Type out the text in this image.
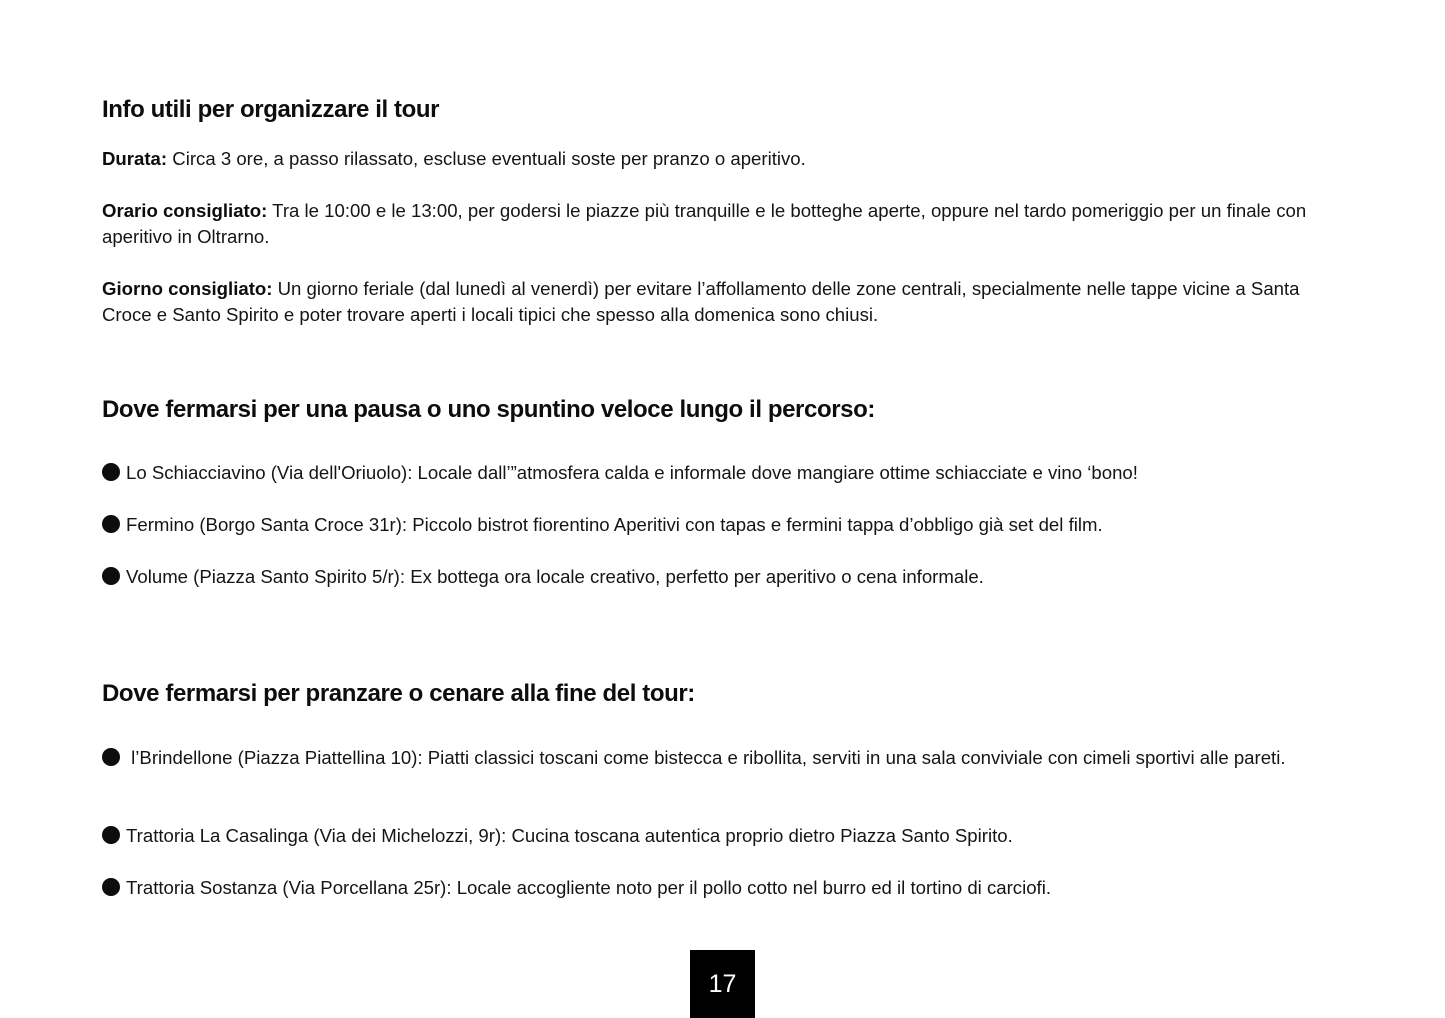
Info utili per organizzare il tour

Durata: Circa 3 ore, a passo rilassato, escluse eventuali soste per pranzo o aperitivo.

Orario consigliato: Tra le 10:00 e le 13:00, per godersi le piazze più tranquille e le botteghe aperte, oppure nel tardo pomeriggio per un finale con aperitivo in Oltrarno.

Giorno consigliato: Un giorno feriale (dal lunedì al venerdì) per evitare l’affollamento delle zone centrali, specialmente nelle tappe vicine a Santa Croce e Santo Spirito e poter trovare aperti i locali tipici che spesso alla domenica sono chiusi.

Dove fermarsi per una pausa o uno spuntino veloce lungo il percorso:

Lo Schiacciavino (Via dell'Oriuolo): Locale dall’”atmosfera calda e informale dove mangiare ottime schiacciate e vino ‘bono!

Fermino (Borgo Santa Croce 31r): Piccolo bistrot fiorentino Aperitivi con tapas e fermini tappa d’obbligo già set del film.

Volume (Piazza Santo Spirito 5/r): Ex bottega ora locale creativo, perfetto per aperitivo o cena informale.

Dove fermarsi per pranzare o cenare alla fine del tour:

l’Brindellone (Piazza Piattellina 10): Piatti classici toscani come bistecca e ribollita, serviti in una sala conviviale con cimeli sportivi alle pareti.

Trattoria La Casalinga (Via dei Michelozzi, 9r): Cucina toscana autentica proprio dietro Piazza Santo Spirito.

Trattoria Sostanza (Via Porcellana 25r): Locale accogliente noto per il pollo cotto nel burro ed il tortino di carciofi.

17
